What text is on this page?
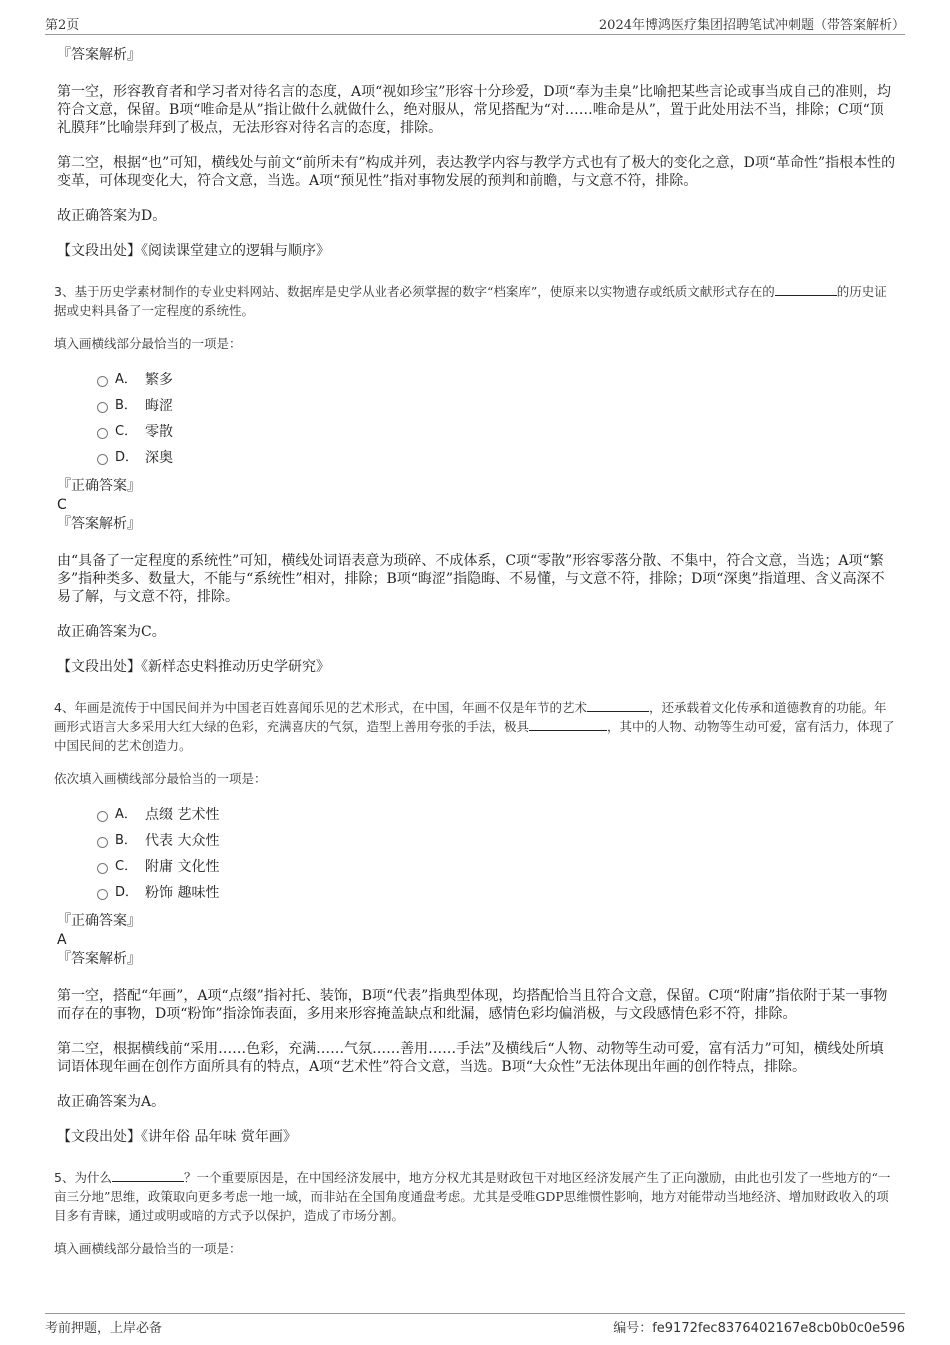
第2页	2024年博鸿医疗集团招聘笔试冲刺题（带答案解析）

『答案解析』

第一空，形容教育者和学习者对待名言的态度，A项“视如珍宝”形容十分珍爱，D项“奉为圭臬”比喻把某些言论或事当成自己的准则，均符合文意，保留。B项“唯命是从”指让做什么就做什么，绝对服从，常见搭配为“对……唯命是从”，置于此处用法不当，排除；C项“顶礼膜拜”比喻崇拜到了极点，无法形容对待名言的态度，排除。

第二空，根据“也”可知，横线处与前文“前所未有”构成并列，表达教学内容与教学方式也有了极大的变化之意，D项“革命性”指根本性的变革，可体现变化大，符合文意，当选。A项“预见性”指对事物发展的预判和前瞻，与文意不符，排除。

故正确答案为D。

【文段出处】《阅读课堂建立的逻辑与顺序》

3、基于历史学素材制作的专业史料网站、数据库是史学从业者必须掌握的数字“档案库”，使原来以实物遗存或纸质文献形式存在的	的历史证据或史料具备了一定程度的系统性。

填入画横线部分最恰当的一项是：

A． 繁多
B． 晦涩
C． 零散
D． 深奥

『正确答案』

C

『答案解析』

由“具备了一定程度的系统性”可知，横线处词语表意为琐碎、不成体系，C项“零散”形容零落分散、不集中，符合文意，当选；A项“繁多”指种类多、数量大，不能与“系统性”相对，排除；B项“晦涩”指隐晦、不易懂，与文意不符，排除；D项“深奥”指道理、含义高深不易了解，与文意不符，排除。

故正确答案为C。

【文段出处】《新样态史料推动历史学研究》

4、年画是流传于中国民间并为中国老百姓喜闻乐见的艺术形式，在中国，年画不仅是年节的艺术	，还承载着文化传承和道德教育的功能。年画形式语言大多采用大红大绿的色彩，充满喜庆的气氛，造型上善用夸张的手法，极具	，其中的人物、动物等生动可爱，富有活力，体现了中国民间的艺术创造力。

依次填入画横线部分最恰当的一项是：

A． 点缀 艺术性
B． 代表 大众性
C． 附庸 文化性
D． 粉饰 趣味性

『正确答案』

A

『答案解析』

第一空，搭配“年画”，A项“点缀”指衬托、装饰，B项“代表”指典型体现，均搭配恰当且符合文意，保留。C项“附庸”指依附于某一事物而存在的事物，D项“粉饰”指涂饰表面，多用来形容掩盖缺点和纰漏，感情色彩均偏消极，与文段感情色彩不符，排除。

第二空，根据横线前“采用……色彩，充满……气氛……善用……手法”及横线后“人物、动物等生动可爱，富有活力”可知，横线处所填词语体现年画在创作方面所具有的特点，A项“艺术性”符合文意，当选。B项“大众性”无法体现出年画的创作特点，排除。

故正确答案为A。

【文段出处】《讲年俗 品年味 赏年画》

5、为什么	？一个重要原因是，在中国经济发展中，地方分权尤其是财政包干对地区经济发展产生了正向激励，由此也引发了一些地方的“一亩三分地”思维，政策取向更多考虑一地一域，而非站在全国角度通盘考虑。尤其是受唯GDP思维惯性影响，地方对能带动当地经济、增加财政收入的项目多有青睐，通过或明或暗的方式予以保护，造成了市场分割。

填入画横线部分最恰当的一项是：

考前押题，上岸必备	编号：fe9172fec8376402167e8cb0b0c0e596
